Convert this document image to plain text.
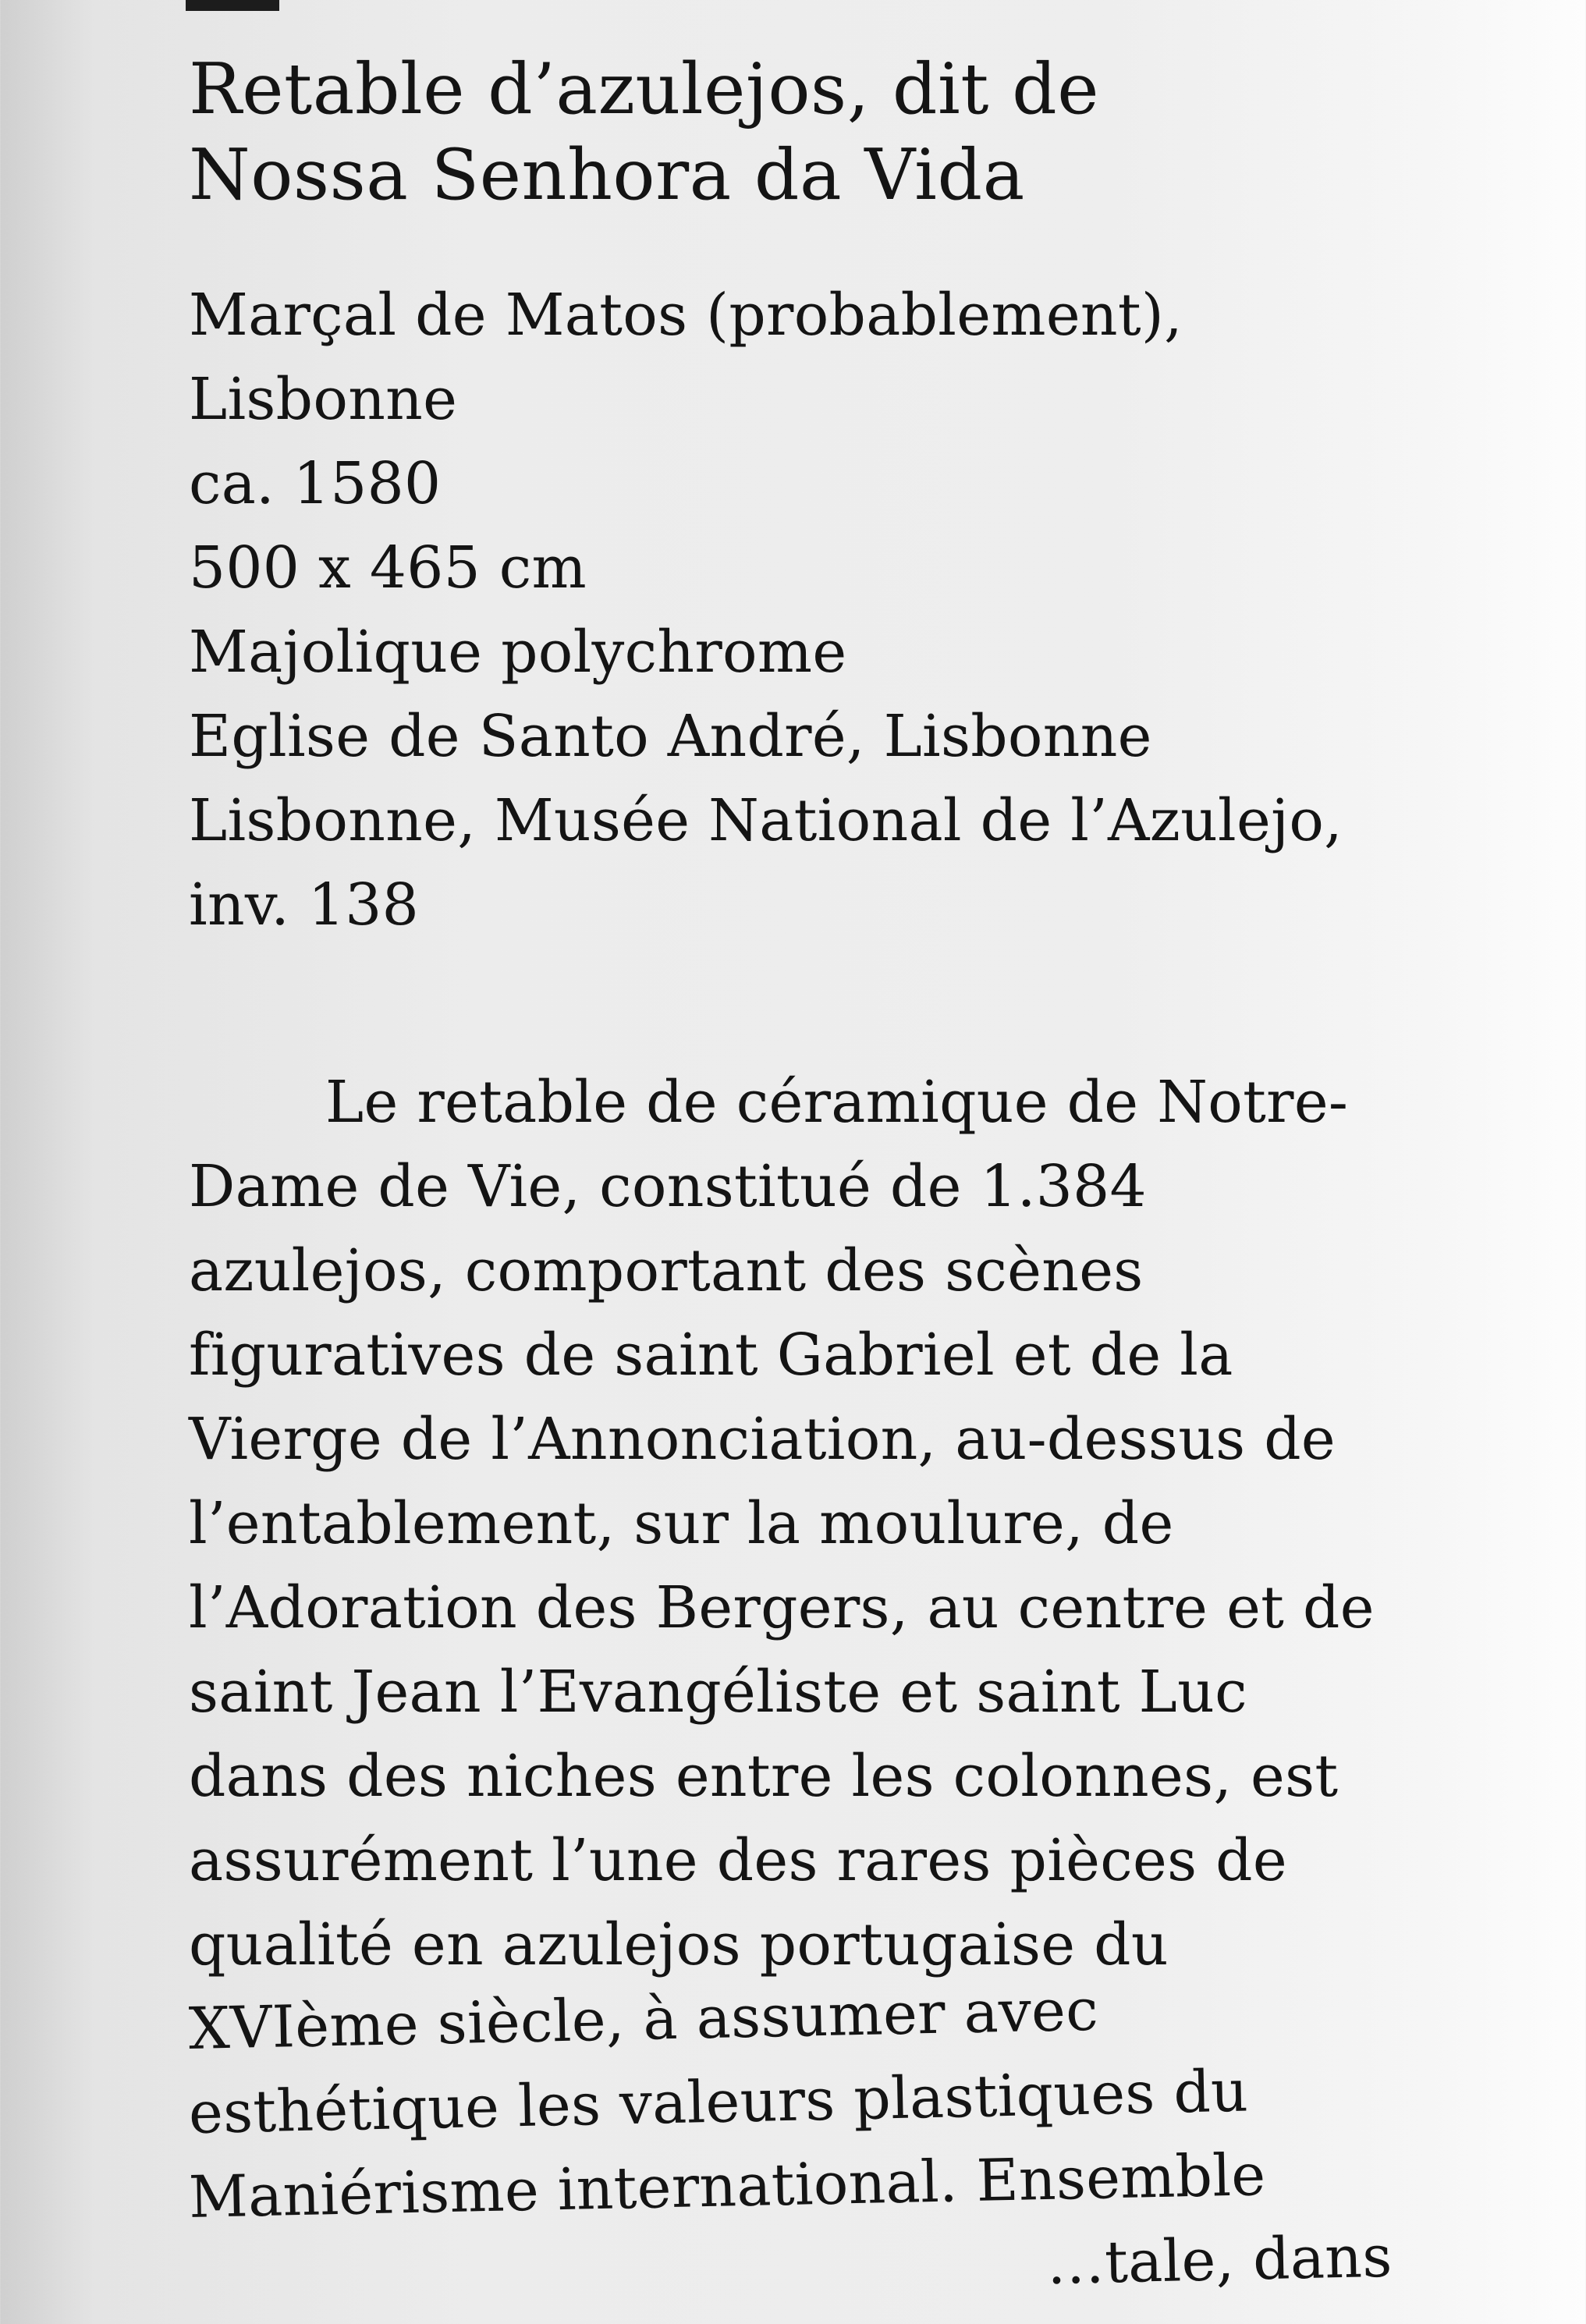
Retable d’azulejos, dit de
Nossa Senhora da Vida
Marçal de Matos (probablement),
Lisbonne
ca. 1580
500 x 465 cm
Majolique polychrome
Eglise de Santo André, Lisbonne
Lisbonne, Musée National de l’Azulejo,
inv. 138
Le retable de céramique de Notre-
Dame de Vie, constitué de 1.384
azulejos, comportant des scènes
figuratives de saint Gabriel et de la
Vierge de l’Annonciation, au-dessus de
l’entablement, sur la moulure, de
l’Adoration des Bergers, au centre et de
saint Jean l’Evangéliste et saint Luc
dans des niches entre les colonnes, est
assurément l’une des rares pièces de
qualité en azulejos portugaise du
XVIème siècle, à assumer avec
esthétique les valeurs plastiques du
Maniérisme international. Ensemble
…tale, dans
